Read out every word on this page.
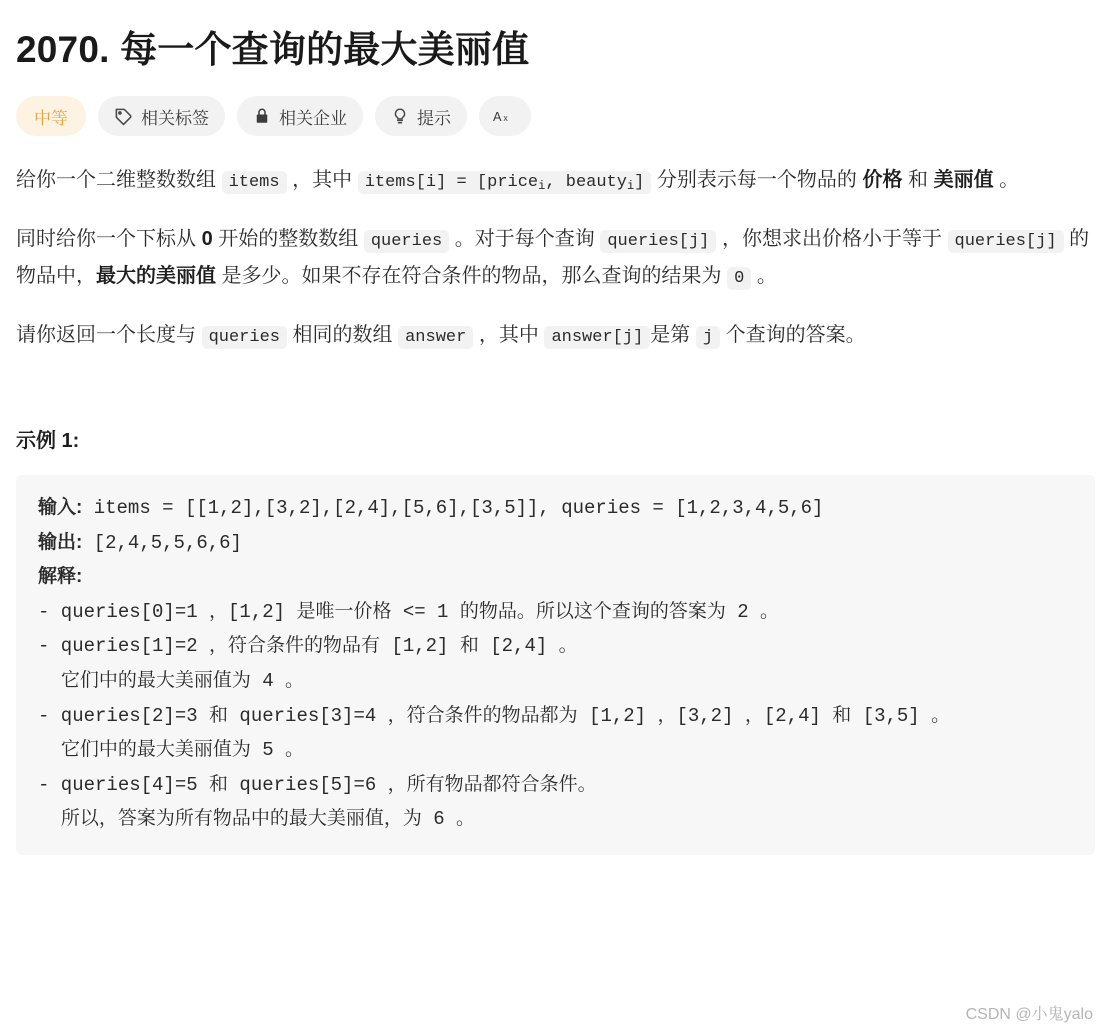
2070. 每一个查询的最大美丽值
中等	相关标签	相关企业	提示	A x

给你一个二维整数数组 items ，其中 items[i] = [price$_i$, beauty$_i$] 分别表示每一个物品的 价格 和 美丽值 。

同时给你一个下标从 0 开始的整数数组 queries 。对于每个查询 queries[j] ，你想求出价格小于等于 queries[j] 的物品中，最大的美丽值 是多少。如果不存在符合条件的物品，那么查询的结果为 0 。

请你返回一个长度与 queries 相同的数组 answer ，其中 answer[j] 是第 j 个查询的答案。

示例 1:
输入: items = [[1,2],[3,2],[2,4],[5,6],[3,5]], queries = [1,2,3,4,5,6]
输出: [2,4,5,5,6,6]
解释:
- queries[0]=1 ，[1,2] 是唯一价格 <= 1 的物品。所以这个查询的答案为 2 。
- queries[1]=2 ，符合条件的物品有 [1,2] 和 [2,4] 。
它们中的最大美丽值为 4 。
- queries[2]=3 和 queries[3]=4 ，符合条件的物品都为 [1,2] ，[3,2] ，[2,4] 和 [3,5] 。
它们中的最大美丽值为 5 。
- queries[4]=5 和 queries[5]=6 ，所有物品都符合条件。
所以，答案为所有物品中的最大美丽值，为 6 。
CSDN @小鬼yalo
